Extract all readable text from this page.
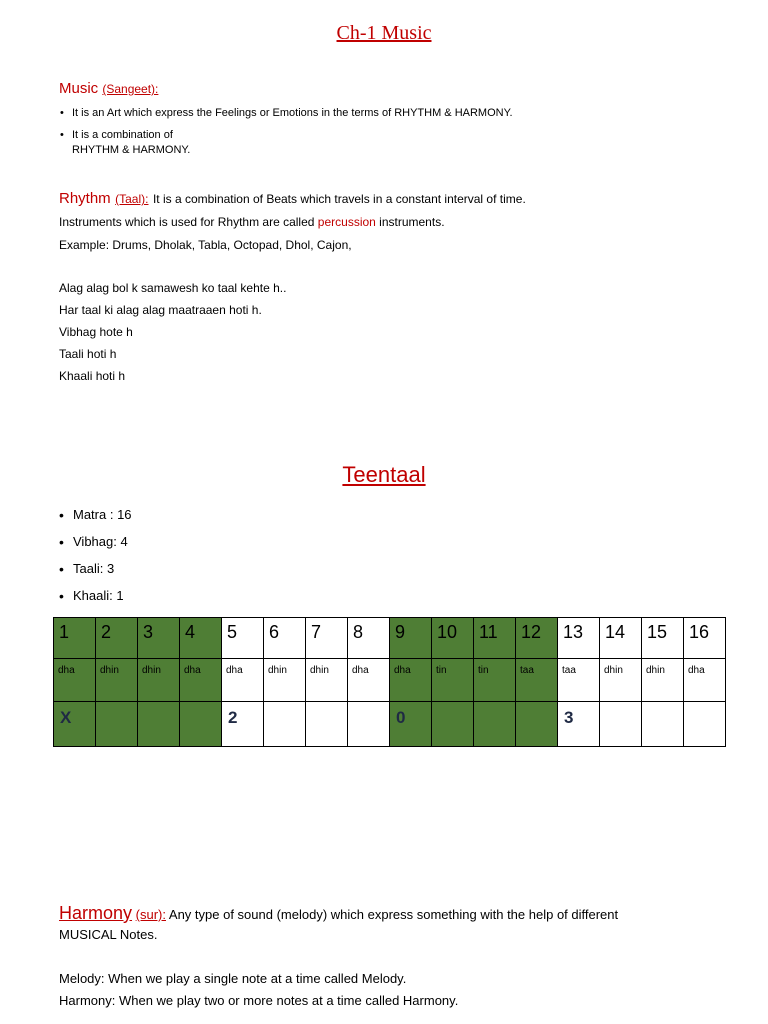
Ch-1 Music
Music (Sangeet):
• It is an Art which express the Feelings or Emotions in the terms of RHYTHM & HARMONY.
• It is a combination of
RHYTHM & HARMONY.
Rhythm (Taal): It is a combination of Beats which travels in a constant interval of time.
Instruments which is used for Rhythm are called percussion instruments.
Example: Drums, Dholak, Tabla, Octopad, Dhol, Cajon,
Alag alag bol k samawesh ko taal kehte h..
Har taal ki alag alag maatraaen hoti h.
Vibhag hote h
Taali hoti h
Khaali hoti h
Teentaal
• Matra : 16
• Vibhag: 4
• Taali: 3
• Khaali: 1
1	2	3	4	5	6	7	8	9	10	11	12	13	14	15	16
dha	dhin	dhin	dha	dha	dhin	dhin	dha	dha	tin	tin	taa	taa	dhin	dhin	dha
X				2				0				3			
Harmony (sur): Any type of sound (melody) which express something with the help of different
MUSICAL Notes.
Melody: When we play a single note at a time called Melody.
Harmony: When we play two or more notes at a time called Harmony.
